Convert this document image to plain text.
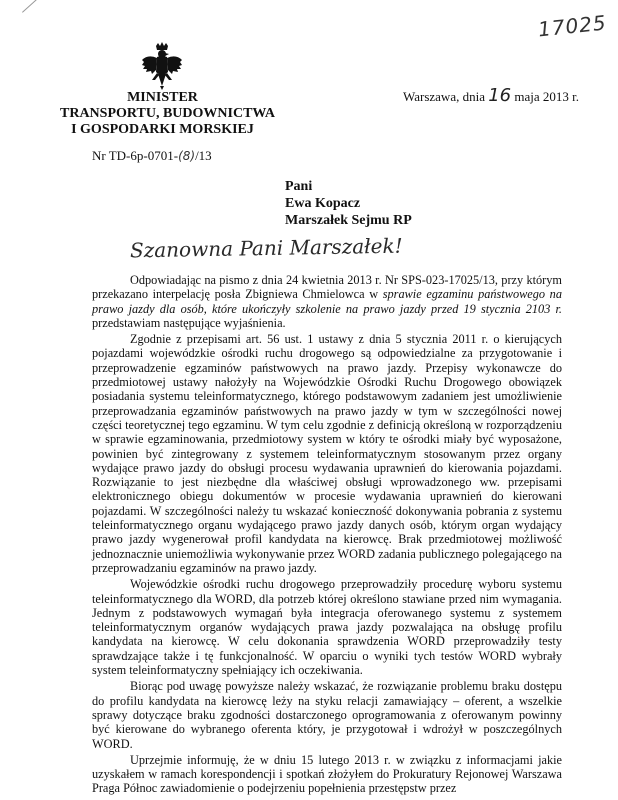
17025
MINISTER
TRANSPORTU, BUDOWNICTWA
I GOSPODARKI MORSKIEJ
Nr TD-6p-0701-(8)/13
Warszawa, dnia 16 maja 2013 r.
Pani
Ewa Kopacz
Marszałek Sejmu RP
Szanowna Pani Marszałek!

Odpowiadając na pismo z dnia 24 kwietnia 2013 r. Nr SPS-023-17025/13, przy którym przekazano interpelację posła Zbigniewa Chmielowca w sprawie egzaminu państwowego na prawo jazdy dla osób, które ukończyły szkolenie na prawo jazdy przed 19 stycznia 2103 r. przedstawiam następujące wyjaśnienia.

Zgodnie z przepisami art. 56 ust. 1 ustawy z dnia 5 stycznia 2011 r. o kierujących pojazdami wojewódzkie ośrodki ruchu drogowego są odpowiedzialne za przygotowanie i przeprowadzenie egzaminów państwowych na prawo jazdy. Przepisy wykonawcze do przedmiotowej ustawy nałożyły na Wojewódzkie Ośrodki Ruchu Drogowego obowiązek posiadania systemu teleinformatycznego, którego podstawowym zadaniem jest umożliwienie przeprowadzania egzaminów państwowych na prawo jazdy w tym w szczególności nowej części teoretycznej tego egzaminu. W tym celu zgodnie z definicją określoną w rozporządzeniu w sprawie egzaminowania, przedmiotowy system w który te ośrodki miały być wyposażone, powinien być zintegrowany z systemem teleinformatycznym stosowanym przez organy wydające prawo jazdy do obsługi procesu wydawania uprawnień do kierowania pojazdami. Rozwiązanie to jest niezbędne dla właściwej obsługi wprowadzonego ww. przepisami elektronicznego obiegu dokumentów w procesie wydawania uprawnień do kierowani pojazdami. W szczególności należy tu wskazać konieczność dokonywania pobrania z systemu teleinformatycznego organu wydającego prawo jazdy danych osób, którym organ wydający prawo jazdy wygenerował profil kandydata na kierowcę. Brak przedmiotowej możliwość jednoznacznie uniemożliwia wykonywanie przez WORD zadania publicznego polegającego na przeprowadzaniu egzaminów na prawo jazdy.

Wojewódzkie ośrodki ruchu drogowego przeprowadziły procedurę wyboru systemu teleinformatycznego dla WORD, dla potrzeb której określono stawiane przed nim wymagania. Jednym z podstawowych wymagań była integracja oferowanego systemu z systemem teleinformatycznym organów wydających prawa jazdy pozwalająca na obsługę profilu kandydata na kierowcę. W celu dokonania sprawdzenia WORD przeprowadziły testy sprawdzające także i tę funkcjonalność. W oparciu o wyniki tych testów WORD wybrały system teleinformatyczny spełniający ich oczekiwania.

Biorąc pod uwagę powyższe należy wskazać, że rozwiązanie problemu braku dostępu do profilu kandydata na kierowcę leży na styku relacji zamawiający – oferent, a wszelkie sprawy dotyczące braku zgodności dostarczonego oprogramowania z oferowanym powinny być kierowane do wybranego oferenta który, je przygotował i wdrożył w poszczególnych WORD.

Uprzejmie informuję, że w dniu 15 lutego 2013 r. w związku z informacjami jakie uzyskałem w ramach korespondencji i spotkań złożyłem do Prokuratury Rejonowej Warszawa Praga Północ zawiadomienie o podejrzeniu popełnienia przestępstw przez
